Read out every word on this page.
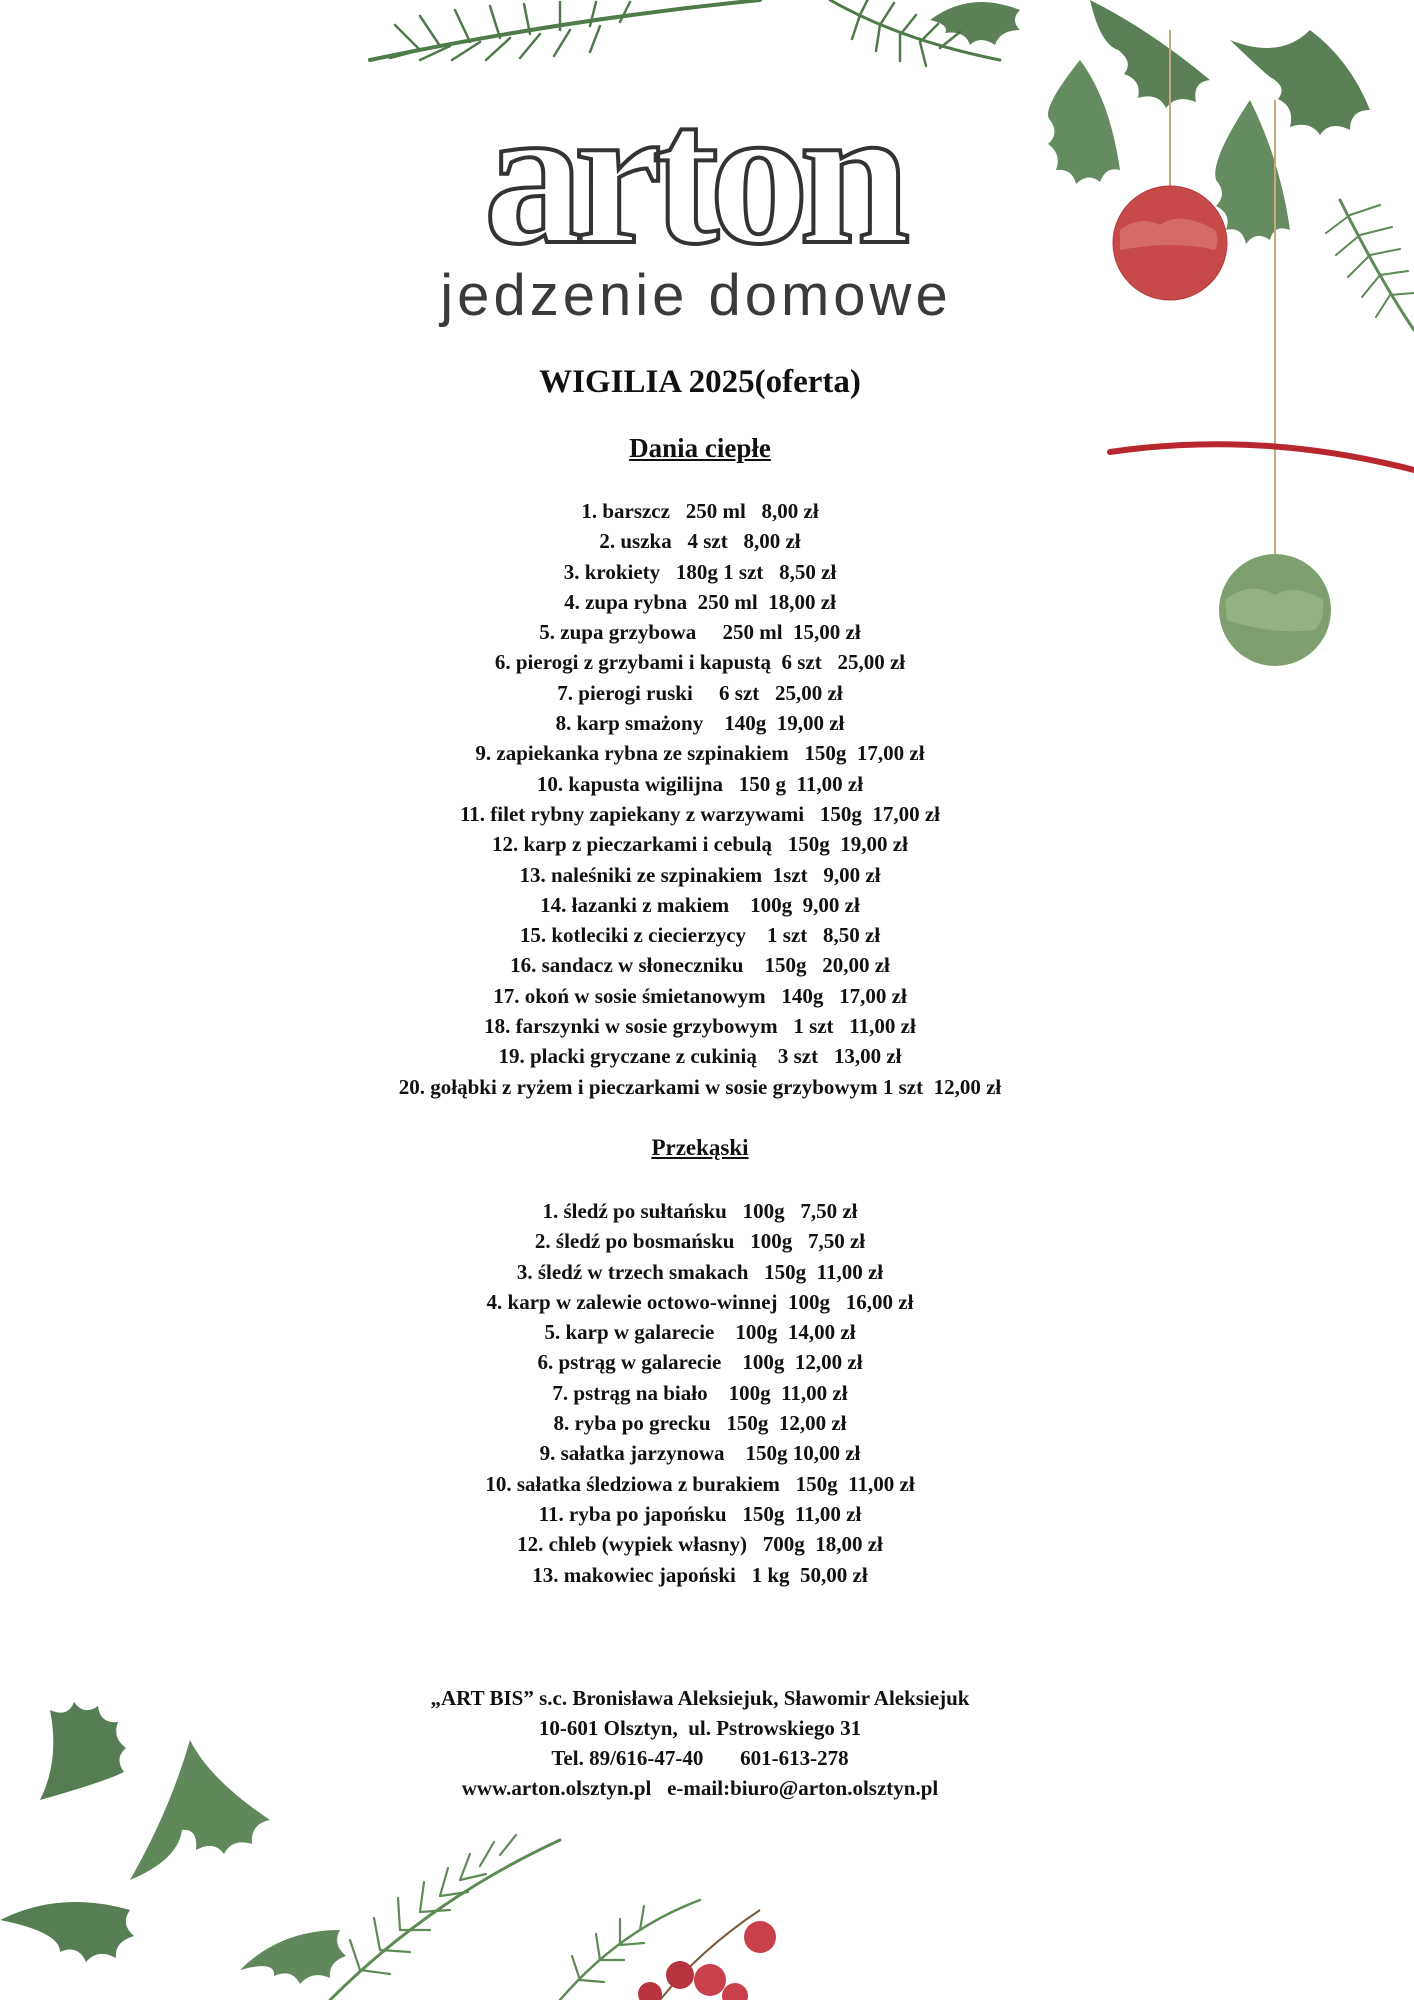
arton
jedzenie domowe
WIGILIA 2025(oferta)
Dania ciepłe
1. barszcz   250 ml   8,00 zł
2. uszka   4 szt   8,00 zł
3. krokiety   180g 1 szt   8,50 zł
4. zupa rybna  250 ml  18,00 zł
5. zupa grzybowa     250 ml  15,00 zł
6. pierogi z grzybami i kapustą  6 szt   25,00 zł
7. pierogi ruski     6 szt   25,00 zł
8. karp smażony    140g  19,00 zł
9. zapiekanka rybna ze szpinakiem   150g  17,00 zł
10. kapusta wigilijna   150 g  11,00 zł
11. filet rybny zapiekany z warzywami   150g  17,00 zł
12. karp z pieczarkami i cebulą   150g  19,00 zł
13. naleśniki ze szpinakiem  1szt   9,00 zł
14. łazanki z makiem    100g  9,00 zł
15. kotleciki z ciecierzycy    1 szt   8,50 zł
16. sandacz w słoneczniku    150g   20,00 zł
17. okoń w sosie śmietanowym   140g   17,00 zł
18. farszynki w sosie grzybowym   1 szt   11,00 zł
19. placki gryczane z cukinią    3 szt   13,00 zł
20. gołąbki z ryżem i pieczarkami w sosie grzybowym 1 szt  12,00 zł
Przekąski
1. śledź po sułtańsku   100g   7,50 zł
2. śledź po bosmańsku   100g   7,50 zł
3. śledź w trzech smakach   150g  11,00 zł
4. karp w zalewie octowo-winnej  100g   16,00 zł
5. karp w galarecie    100g  14,00 zł
6. pstrąg w galarecie    100g  12,00 zł
7. pstrąg na biało    100g  11,00 zł
8. ryba po grecku   150g  12,00 zł
9. sałatka jarzynowa    150g 10,00 zł
10. sałatka śledziowa z burakiem   150g  11,00 zł
11. ryba po japońsku   150g  11,00 zł
12. chleb (wypiek własny)   700g  18,00 zł
13. makowiec japoński   1 kg  50,00 zł
„ART BIS” s.c. Bronisława Aleksiejuk, Sławomir Aleksiejuk
10-601 Olsztyn,  ul. Pstrowskiego 31
Tel. 89/616-47-40       601-613-278
www.arton.olsztyn.pl   e-mail:biuro@arton.olsztyn.pl
